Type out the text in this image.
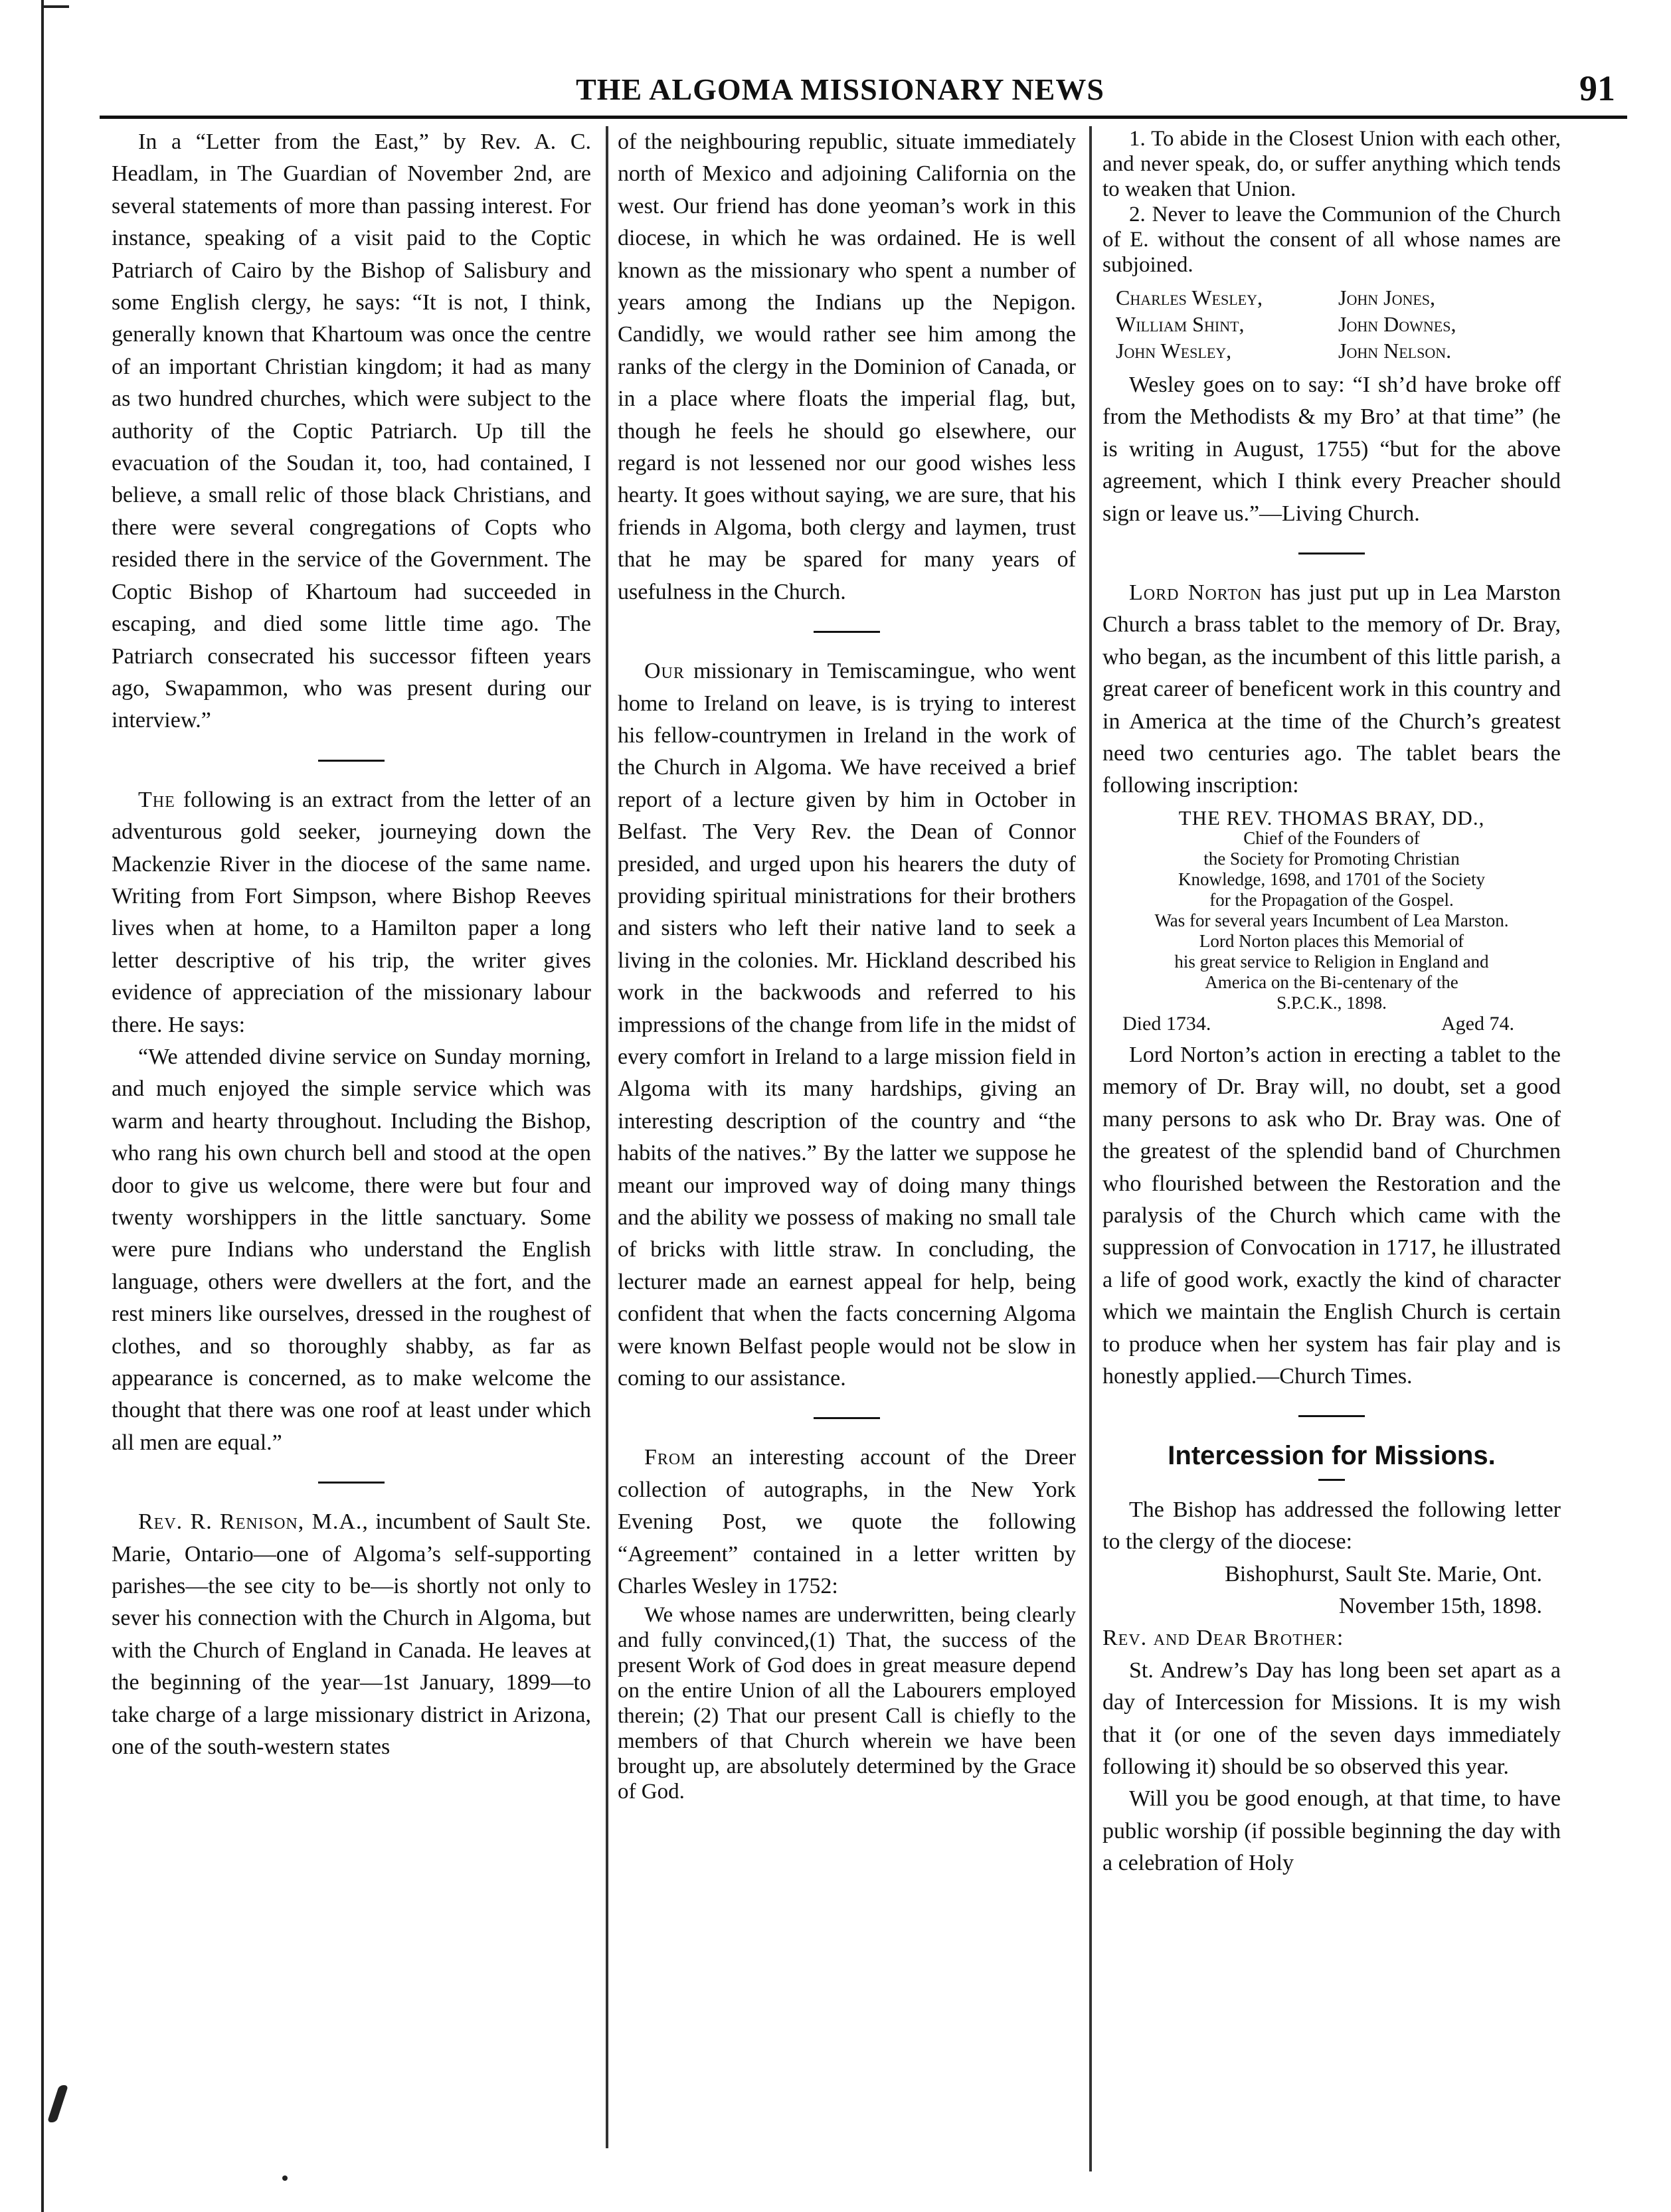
THE ALGOMA MISSIONARY NEWS	91

In a “Letter from the East,” by Rev. A. C. Headlam, in The Guardian of November 2nd, are several statements of more than passing interest. For instance, speaking of a visit paid to the Coptic Patriarch of Cairo by the Bishop of Salisbury and some English clergy, he says: “It is not, I think, generally known that Khartoum was once the centre of an important Christian kingdom; it had as many as two hundred churches, which were subject to the authority of the Coptic Patriarch. Up till the evacuation of the Soudan it, too, had contained, I believe, a small relic of those black Christians, and there were several congregations of Copts who resided there in the service of the Government. The Coptic Bishop of Khartoum had succeeded in escaping, and died some little time ago. The Patriarch consecrated his successor fifteen years ago, Swapammon, who was present during our interview.”

The following is an extract from the letter of an adventurous gold seeker, journeying down the Mackenzie River in the diocese of the same name. Writing from Fort Simpson, where Bishop Reeves lives when at home, to a Hamilton paper a long letter descriptive of his trip, the writer gives evidence of appreciation of the missionary labour there. He says:

“We attended divine service on Sunday morning, and much enjoyed the simple service which was warm and hearty throughout. Including the Bishop, who rang his own church bell and stood at the open door to give us welcome, there were but four and twenty worshippers in the little sanctuary. Some were pure Indians who understand the English language, others were dwellers at the fort, and the rest miners like ourselves, dressed in the roughest of clothes, and so thoroughly shabby, as far as appearance is concerned, as to make welcome the thought that there was one roof at least under which all men are equal.”

Rev. R. Renison, M.A., incumbent of Sault Ste. Marie, Ontario—one of Algoma’s self-supporting parishes—the see city to be—is shortly not only to sever his connection with the Church in Algoma, but with the Church of England in Canada. He leaves at the beginning of the year—1st January, 1899—to take charge of a large missionary district in Arizona, one of the south-western states

of the neighbouring republic, situate immediately north of Mexico and adjoining California on the west. Our friend has done yeoman’s work in this diocese, in which he was ordained. He is well known as the missionary who spent a number of years among the Indians up the Nepigon. Candidly, we would rather see him among the ranks of the clergy in the Dominion of Canada, or in a place where floats the imperial flag, but, though he feels he should go elsewhere, our regard is not lessened nor our good wishes less hearty. It goes without saying, we are sure, that his friends in Algoma, both clergy and laymen, trust that he may be spared for many years of usefulness in the Church.

Our missionary in Temiscamingue, who went home to Ireland on leave, is is trying to interest his fellow-countrymen in Ireland in the work of the Church in Algoma. We have received a brief report of a lecture given by him in October in Belfast. The Very Rev. the Dean of Connor presided, and urged upon his hearers the duty of providing spiritual ministrations for their brothers and sisters who left their native land to seek a living in the colonies. Mr. Hickland described his work in the backwoods and referred to his impressions of the change from life in the midst of every comfort in Ireland to a large mission field in Algoma with its many hardships, giving an interesting description of the country and “the habits of the natives.” By the latter we suppose he meant our improved way of doing many things and the ability we possess of making no small tale of bricks with little straw. In concluding, the lecturer made an earnest appeal for help, being confident that when the facts concerning Algoma were known Belfast people would not be slow in coming to our assistance.

From an interesting account of the Dreer collection of autographs, in the New York Evening Post, we quote the following “Agreement” contained in a letter written by Charles Wesley in 1752:

We whose names are underwritten, being clearly and fully convinced,(1) That, the success of the present Work of God does in great measure depend on the entire Union of all the Labourers employed therein; (2) That our present Call is chiefly to the members of that Church wherein we have been brought up, are absolutely determined by the Grace of God.

1. To abide in the Closest Union with each other, and never speak, do, or suffer anything which tends to weaken that Union.

2. Never to leave the Communion of the Church of E. without the consent of all whose names are subjoined.

Charles Wesley,	John Jones,
William Shint,	John Downes,
John Wesley,	John Nelson.

Wesley goes on to say: “I sh’d have broke off from the Methodists & my Bro’ at that time” (he is writing in August, 1755) “but for the above agreement, which I think every Preacher should sign or leave us.”—Living Church.

Lord Norton has just put up in Lea Marston Church a brass tablet to the memory of Dr. Bray, who began, as the incumbent of this little parish, a great career of beneficent work in this country and in America at the time of the Church’s greatest need two centuries ago. The tablet bears the following inscription:

THE REV. THOMAS BRAY, DD.,
Chief of the Founders of
the Society for Promoting Christian
Knowledge, 1698, and 1701 of the Society
for the Propagation of the Gospel.
Was for several years Incumbent of Lea Marston.
Lord Norton places this Memorial of
his great service to Religion in England and
America on the Bi-centenary of the
S.P.C.K., 1898.
Died 1734.	Aged 74.

Lord Norton’s action in erecting a tablet to the memory of Dr. Bray will, no doubt, set a good many persons to ask who Dr. Bray was. One of the greatest of the splendid band of Churchmen who flourished between the Restoration and the paralysis of the Church which came with the suppression of Convocation in 1717, he illustrated a life of good work, exactly the kind of character which we maintain the English Church is certain to produce when her system has fair play and is honestly applied.—Church Times.

Intercession for Missions.

The Bishop has addressed the following letter to the clergy of the diocese:

Bishophurst, Sault Ste. Marie, Ont.

November 15th, 1898.

Rev. and Dear Brother:

St. Andrew’s Day has long been set apart as a day of Intercession for Missions. It is my wish that it (or one of the seven days immediately following it) should be so observed this year.

Will you be good enough, at that time, to have public worship (if possible beginning the day with a celebration of Holy
